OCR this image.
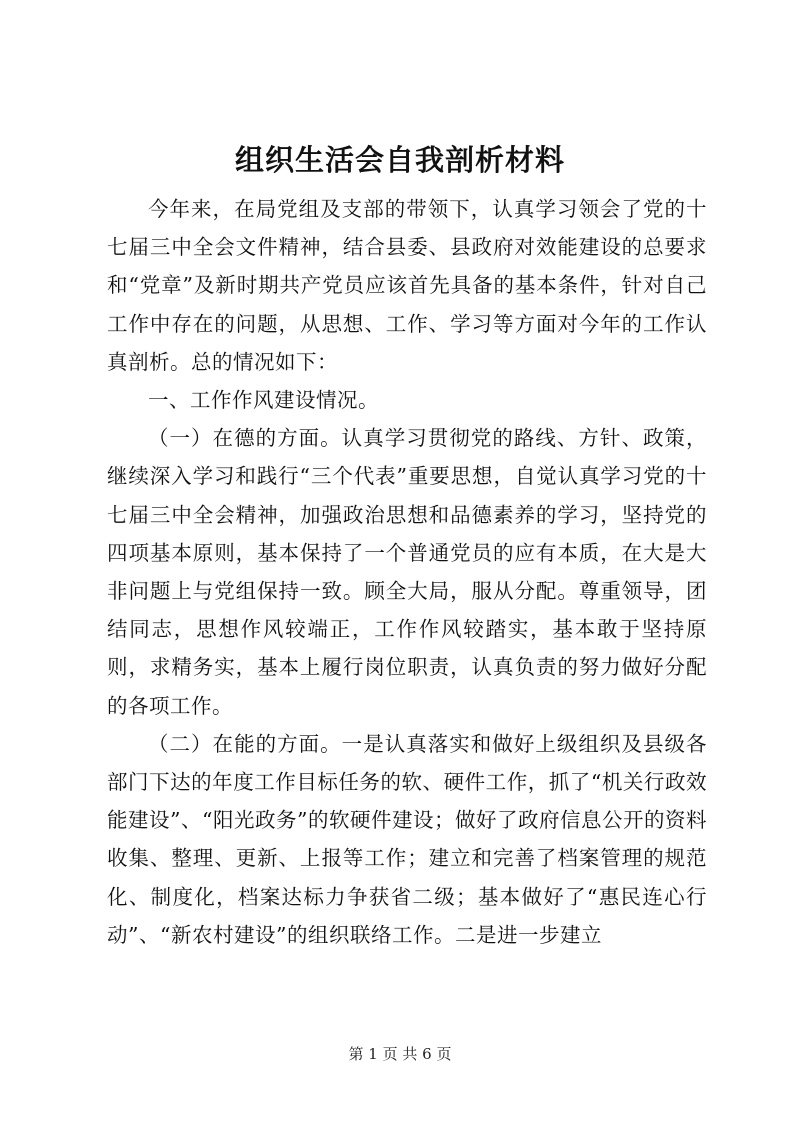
组织生活会自我剖析材料

今年来，在局党组及支部的带领下，认真学习领会了党的十七届三中全会文件精神，结合县委、县政府对效能建设的总要求和“党章”及新时期共产党员应该首先具备的基本条件，针对自己工作中存在的问题，从思想、工作、学习等方面对今年的工作认真剖析。总的情况如下：

一、工作作风建设情况。

（一）在德的方面。认真学习贯彻党的路线、方针、政策，继续深入学习和践行“三个代表”重要思想，自觉认真学习党的十七届三中全会精神，加强政治思想和品德素养的学习，坚持党的四项基本原则，基本保持了一个普通党员的应有本质，在大是大非问题上与党组保持一致。顾全大局，服从分配。尊重领导，团结同志，思想作风较端正，工作作风较踏实，基本敢于坚持原则，求精务实，基本上履行岗位职责，认真负责的努力做好分配的各项工作。

（二）在能的方面。一是认真落实和做好上级组织及县级各部门下达的年度工作目标任务的软、硬件工作，抓了“机关行政效能建设”、“阳光政务”的软硬件建设；做好了政府信息公开的资料收集、整理、更新、上报等工作；建立和完善了档案管理的规范化、制度化，档案达标力争获省二级；基本做好了“惠民连心行动”、“新农村建设”的组织联络工作。二是进一步建立

第 1 页 共 6 页
